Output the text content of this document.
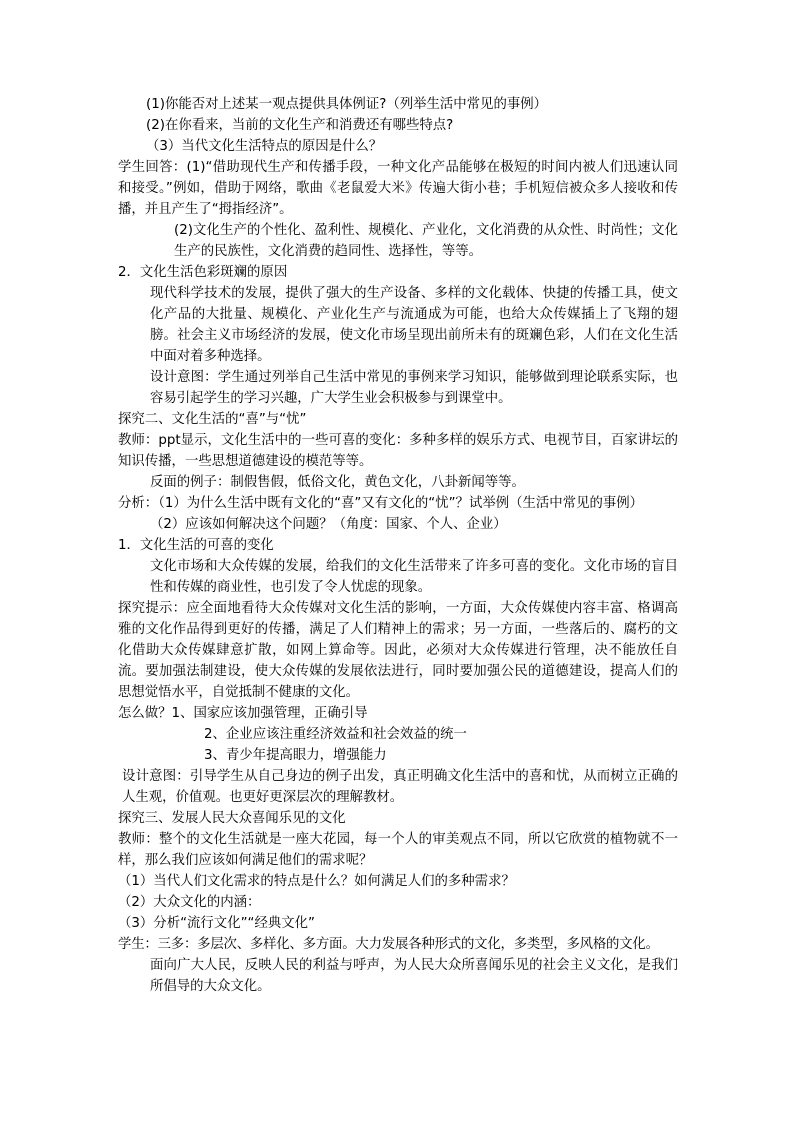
(1)你能否对上述某一观点提供具体例证?（列举生活中常见的事例）

(2)在你看来，当前的文化生产和消费还有哪些特点?

（3）当代文化生活特点的原因是什么？

学生回答：(1)“借助现代生产和传播手段，一种文化产品能够在极短的时间内被人们迅速认同和接受。”例如，借助于网络，歌曲《老鼠爱大米》传遍大街小巷；手机短信被众多人接收和传播，并且产生了“拇指经济”。

(2)文化生产的个性化、盈利性、规模化、产业化，文化消费的从众性、时尚性；文化生产的民族性，文化消费的趋同性、选择性，等等。

2．文化生活色彩斑斓的原因

现代科学技术的发展，提供了强大的生产设备、多样的文化载体、快捷的传播工具，使文化产品的大批量、规模化、产业化生产与流通成为可能，也给大众传媒插上了飞翔的翅膀。社会主义市场经济的发展，使文化市场呈现出前所未有的斑斓色彩，人们在文化生活中面对着多种选择。

设计意图：学生通过列举自己生活中常见的事例来学习知识，能够做到理论联系实际，也容易引起学生的学习兴趣，广大学生业会积极参与到课堂中。

探究二、文化生活的“喜”与“忧”

教师：ppt显示，文化生活中的一些可喜的变化：多种多样的娱乐方式、电视节目，百家讲坛的知识传播，一些思想道德建设的模范等等。

反面的例子：制假售假，低俗文化，黄色文化，八卦新闻等等。

分析：（1）为什么生活中既有文化的“喜”又有文化的“忧”？试举例（生活中常见的事例）

（2）应该如何解决这个问题？（角度：国家、个人、企业）

1．文化生活的可喜的变化

文化市场和大众传媒的发展，给我们的文化生活带来了许多可喜的变化。文化市场的盲目性和传媒的商业性，也引发了令人忧虑的现象。

探究提示：应全面地看待大众传媒对文化生活的影响，一方面，大众传媒使内容丰富、格调高雅的文化作品得到更好的传播，满足了人们精神上的需求；另一方面，一些落后的、腐朽的文化借助大众传媒肆意扩散，如网上算命等。因此，必须对大众传媒进行管理，决不能放任自流。要加强法制建设，使大众传媒的发展依法进行，同时要加强公民的道德建设，提高人们的思想觉悟水平，自觉抵制不健康的文化。

怎么做？1、国家应该加强管理，正确引导

2、企业应该注重经济效益和社会效益的统一

3、青少年提高眼力，增强能力

设计意图：引导学生从自己身边的例子出发，真正明确文化生活中的喜和忧，从而树立正确的人生观，价值观。也更好更深层次的理解教材。

探究三、发展人民大众喜闻乐见的文化

教师：整个的文化生活就是一座大花园，每一个人的审美观点不同，所以它欣赏的植物就不一样，那么我们应该如何满足他们的需求呢？

（1）当代人们文化需求的特点是什么？如何满足人们的多种需求？

（2）大众文化的内涵：

（3）分析“流行文化”“经典文化”

学生：三多：多层次、多样化、多方面。大力发展各种形式的文化，多类型，多风格的文化。

面向广大人民，反映人民的利益与呼声，为人民大众所喜闻乐见的社会主义文化，是我们所倡导的大众文化。
